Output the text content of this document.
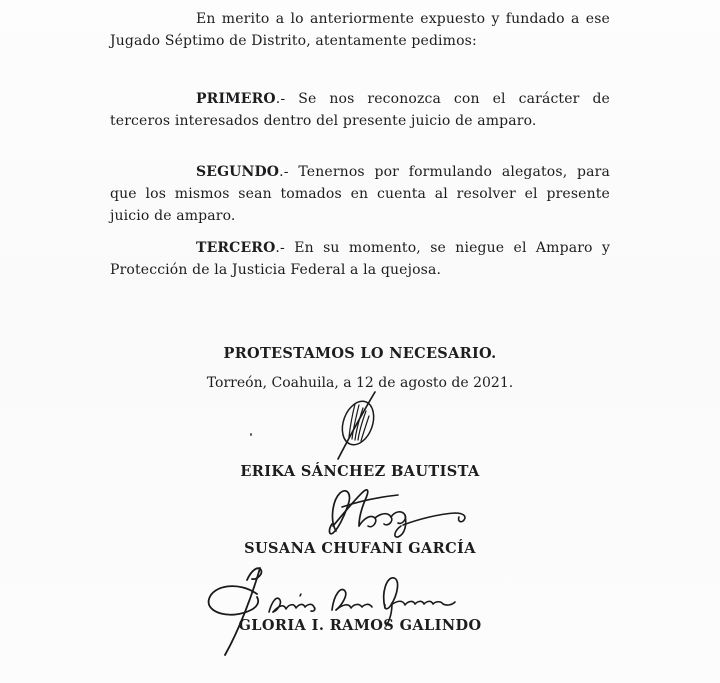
En merito a lo anteriormente expuesto y fundado a ese Jugado Séptimo de Distrito, atentamente pedimos:

PRIMERO.- Se nos reconozca con el carácter de terceros interesados dentro del presente juicio de amparo.

SEGUNDO.- Tenernos por formulando alegatos, para que los mismos sean tomados en cuenta al resolver el presente juicio de amparo.

TERCERO.- En su momento, se niegue el Amparo y Protección de la Justicia Federal a la quejosa.

PROTESTAMOS LO NECESARIO.

Torreón, Coahuila, a 12 de agosto de 2021.

ERIKA SÁNCHEZ BAUTISTA
SUSANA CHUFANI GARCÍA
GLORIA I. RAMOS GALINDO
